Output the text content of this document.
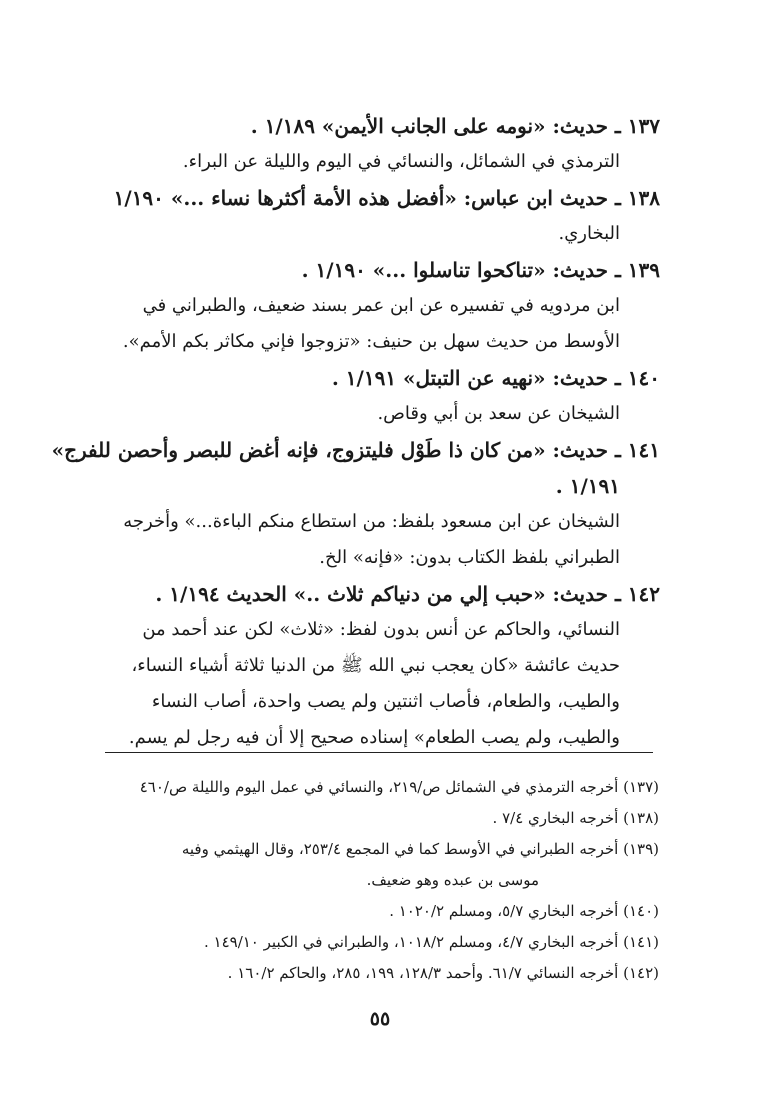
١٣٧ ـ حديث: «نومه على الجانب الأيمن» ١/١٨٩ .
الترمذي في الشمائل، والنسائي في اليوم والليلة عن البراء.
١٣٨ ـ حديث ابن عباس: «أفضل هذه الأمة أكثرها نساء ...» ١/١٩٠
البخاري.
١٣٩ ـ حديث: «تناكحوا تناسلوا ...» ١/١٩٠ .
ابن مردويه في تفسيره عن ابن عمر بسند ضعيف، والطبراني في
الأوسط من حديث سهل بن حنيف: «تزوجوا فإني مكاثر بكم الأمم».
١٤٠ ـ حديث: «نهيه عن التبتل» ١/١٩١ .
الشيخان عن سعد بن أبي وقاص.
١٤١ ـ حديث: «من كان ذا طَوْل فليتزوج، فإنه أغض للبصر وأحصن للفرج»
١/١٩١ .
الشيخان عن ابن مسعود بلفظ: من استطاع منكم الباءة...» وأخرجه
الطبراني بلفظ الكتاب بدون: «فإنه» الخ.
١٤٢ ـ حديث: «حبب إلي من دنياكم ثلاث ..» الحديث ١/١٩٤ .
النسائي، والحاكم عن أنس بدون لفظ: «ثلاث» لكن عند أحمد من
حديث عائشة «كان يعجب نبي الله ﷺ من الدنيا ثلاثة أشياء النساء،
والطيب، والطعام، فأصاب اثنتين ولم يصب واحدة، أصاب النساء
والطيب، ولم يصب الطعام» إسناده صحيح إلا أن فيه رجل لم يسم.
(١٣٧) أخرجه الترمذي في الشمائل ص/٢١٩، والنسائي في عمل اليوم والليلة ص/٤٦٠
(١٣٨) أخرجه البخاري ٧/٤ .
(١٣٩) أخرجه الطبراني في الأوسط كما في المجمع ٢٥٣/٤، وقال الهيثمي وفيه
موسى بن عبده وهو ضعيف.
(١٤٠) أخرجه البخاري ٥/٧، ومسلم ١٠٢٠/٢ .
(١٤١) أخرجه البخاري ٤/٧، ومسلم ١٠١٨/٢، والطبراني في الكبير ١٤٩/١٠ .
(١٤٢) أخرجه النسائي ٦١/٧. وأحمد ١٢٨/٣، ١٩٩، ٢٨٥، والحاكم ١٦٠/٢ .
٥٥
